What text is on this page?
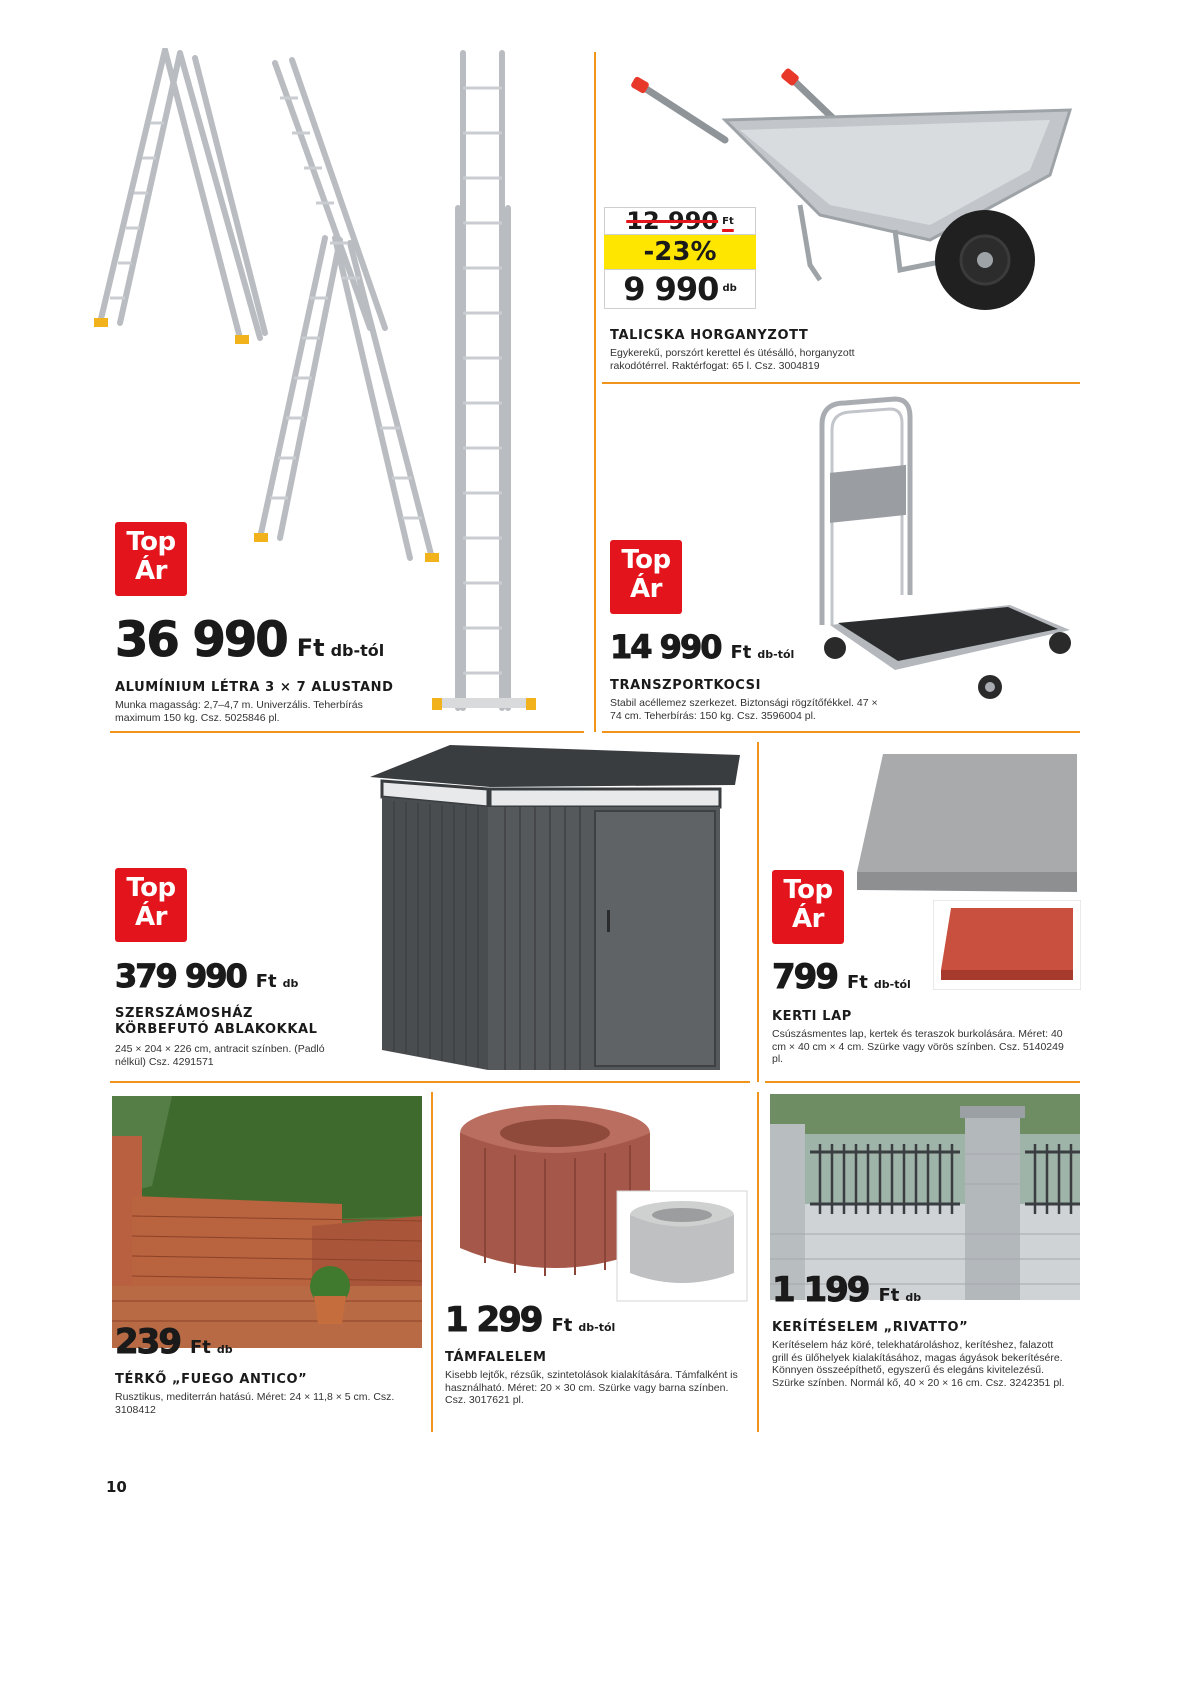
Top
Ár
36 990 Ft db-tól
ALUMÍNIUM LÉTRA 3 × 7 ALUSTAND
Munka magasság: 2,7–4,7 m. Univerzális. Teherbírás maximum 150 kg. Csz. 5025846 pl.
12 990 $^{Ft}$
-23%
9 990 $^{db}$
TALICSKA HORGANYZOTT
Egykerekű, porszórt kerettel és ütésálló, horganyzott rakodótérrel. Raktérfogat: 65 l. Csz. 3004819
Top
Ár
14 990 Ft db-tól
TRANSZPORTKOCSI
Stabil acéllemez szerkezet. Biztonsági rögzítőfékkel. 47 × 74 cm. Teherbírás: 150 kg. Csz. 3596004 pl.
Top
Ár
379 990 Ft db
SZERSZÁMOSHÁZ
KÖRBEFUTÓ ABLAKOKKAL
245 × 204 × 226 cm, antracit színben. (Padló nélkül) Csz. 4291571
Top
Ár
799 Ft db-tól
KERTI LAP
Csúszásmentes lap, kertek és teraszok burkolására. Méret: 40 cm × 40 cm × 4 cm. Szürke vagy vörös színben. Csz. 5140249 pl.
239 Ft db
TÉRKŐ „FUEGO ANTICO”
Rusztikus, mediterrán hatású. Méret: 24 × 11,8 × 5 cm. Csz. 3108412
1 299 Ft db-tól
TÁMFALELEM
Kisebb lejtők, rézsűk, szintetolások kialakítására. Támfalként is használható. Méret: 20 × 30 cm. Szürke vagy barna színben. Csz. 3017621 pl.
1 199 Ft db
KERÍTÉSELEM „RIVATTO”
Kerítéselem ház köré, telekhatároláshoz, kerítéshez, falazott grill és ülőhelyek kialakításához, magas ágyások bekerítésére. Könnyen összeépíthető, egyszerű és elegáns kivitelezésű. Szürke színben. Normál kő, 40 × 20 × 16 cm. Csz. 3242351 pl.
10
